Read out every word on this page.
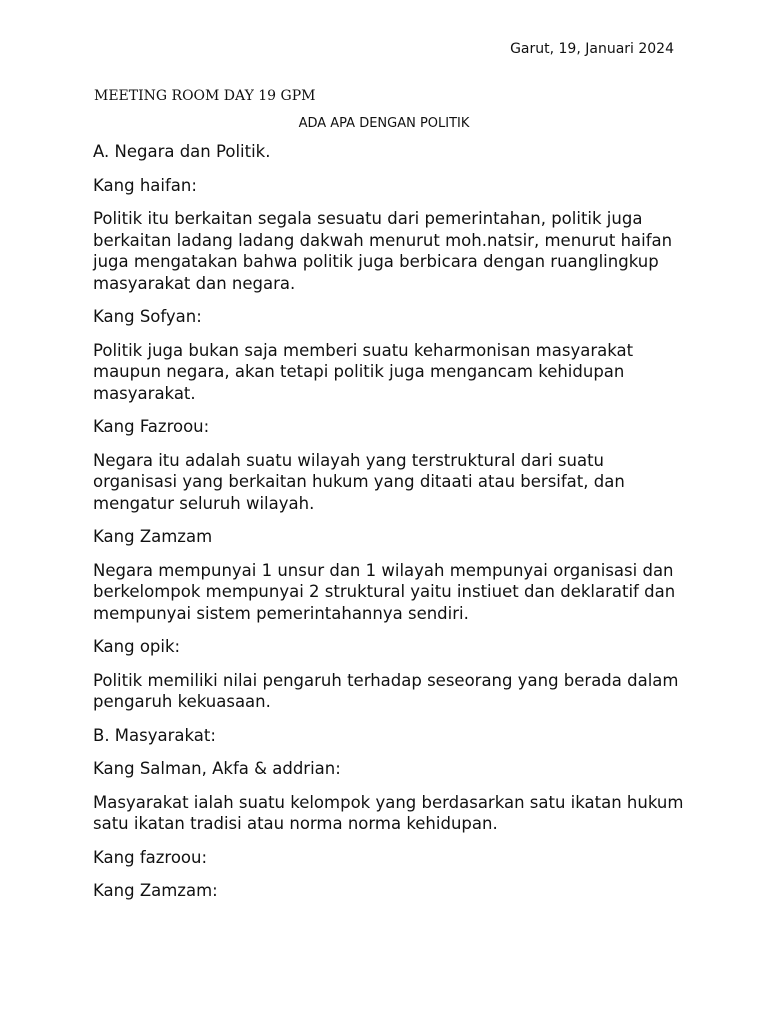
Garut, 19, Januari 2024
MEETING ROOM DAY 19 GPM
ADA APA DENGAN POLITIK

A. Negara dan Politik.

Kang haifan:

Politik itu berkaitan segala sesuatu dari pemerintahan, politik juga berkaitan ladang ladang dakwah menurut moh.natsir, menurut haifan juga mengatakan bahwa politik juga berbicara dengan ruanglingkup masyarakat dan negara.

Kang Sofyan:

Politik juga bukan saja memberi suatu keharmonisan masyarakat maupun negara, akan tetapi politik juga mengancam kehidupan masyarakat.

Kang Fazroou:

Negara itu adalah suatu wilayah yang terstruktural dari suatu organisasi yang berkaitan hukum yang ditaati atau bersifat, dan mengatur seluruh wilayah.

Kang Zamzam

Negara mempunyai 1 unsur dan 1 wilayah mempunyai organisasi dan berkelompok mempunyai 2 struktural yaitu instiuet dan deklaratif dan mempunyai sistem pemerintahannya sendiri.

Kang opik:

Politik memiliki nilai pengaruh terhadap seseorang yang berada dalam pengaruh kekuasaan.

B. Masyarakat:

Kang Salman, Akfa & addrian:

Masyarakat ialah suatu kelompok yang berdasarkan satu ikatan hukum satu ikatan tradisi atau norma norma kehidupan.

Kang fazroou:

Kang Zamzam:
